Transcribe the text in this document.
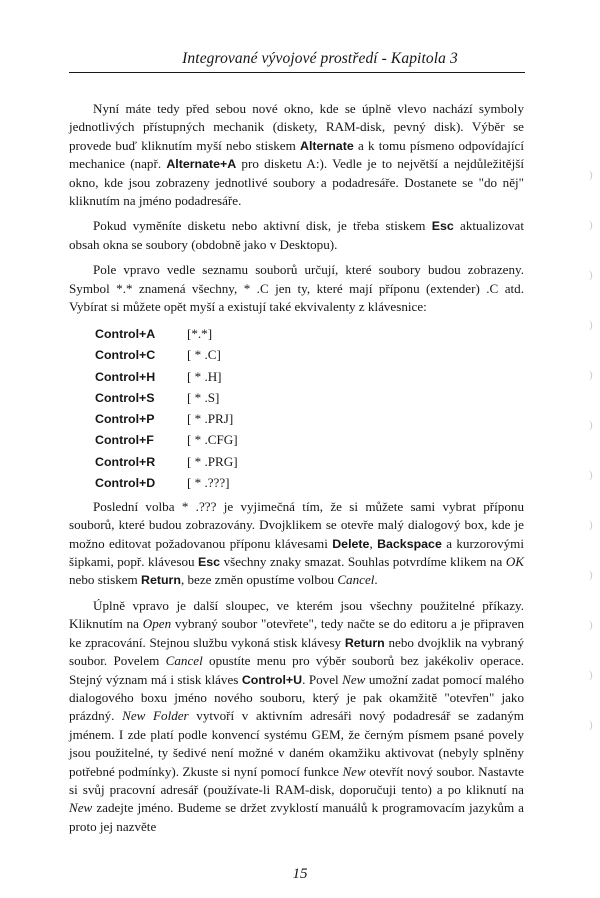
Integrované vývojové prostředí - Kapitola 3

Nyní máte tedy před sebou nové okno, kde se úplně vlevo nachází symboly jednotlivých přístupných mechanik (diskety, RAM-disk, pevný disk). Výběr se provede buď kliknutím myší nebo stiskem Alternate a k tomu písmeno odpovídající mechanice (např. Alternate+A pro disketu A:). Vedle je to největší a nejdůležitější okno, kde jsou zobrazeny jednotlivé soubory a podadresáře. Dostanete se "do něj" kliknutím na jméno podadresáře.

Pokud vyměníte disketu nebo aktivní disk, je třeba stiskem Esc aktualizovat obsah okna se soubory (obdobně jako v Desktopu).

Pole vpravo vedle seznamu souborů určují, které soubory budou zobrazeny. Symbol *.* znamená všechny, * .C jen ty, které mají příponu (extender) .C atd. Vybírat si můžete opět myší a existují také ekvivalenty z klávesnice:

Control+A	[*.*]
Control+C	[ * .C]
Control+H	[ * .H]
Control+S	[ * .S]
Control+P	[ * .PRJ]
Control+F	[ * .CFG]
Control+R	[ * .PRG]
Control+D	[ * .???]

Poslední volba * .??? je vyjimečná tím, že si můžete sami vybrat příponu souborů, které budou zobrazovány. Dvojklikem se otevře malý dialogový box, kde je možno editovat požadovanou příponu klávesami Delete, Backspace a kurzorovými šipkami, popř. klávesou Esc všechny znaky smazat. Souhlas potvrdíme klikem na OK nebo stiskem Return, beze změn opustíme volbou Cancel.

Úplně vpravo je další sloupec, ve kterém jsou všechny použitelné příkazy. Kliknutím na Open vybraný soubor "otevřete", tedy načte se do editoru a je připraven ke zpracování. Stejnou službu vykoná stisk klávesy Return nebo dvojklik na vybraný soubor. Povelem Cancel opustíte menu pro výběr souborů bez jakékoliv operace. Stejný význam má i stisk kláves Control+U. Povel New umožní zadat pomocí malého dialogového boxu jméno nového souboru, který je pak okamžitě "otevřen" jako prázdný. New Folder vytvoří v aktivním adresáři nový podadresář se zadaným jménem. I zde platí podle konvencí systému GEM, že černým písmem psané povely jsou použitelné, ty šedivé není možné v daném okamžiku aktivovat (nebyly splněny potřebné podmínky). Zkuste si nyní pomocí funkce New otevřít nový soubor. Nastavte si svůj pracovní adresář (používate-li RAM-disk, doporučuji tento) a po kliknutí na New zadejte jméno. Budeme se držet zvyklostí manuálů k programovacím jazykům a proto jej nazvěte

15
)
)
)
)
)
)
)
)
)
)
)
)
